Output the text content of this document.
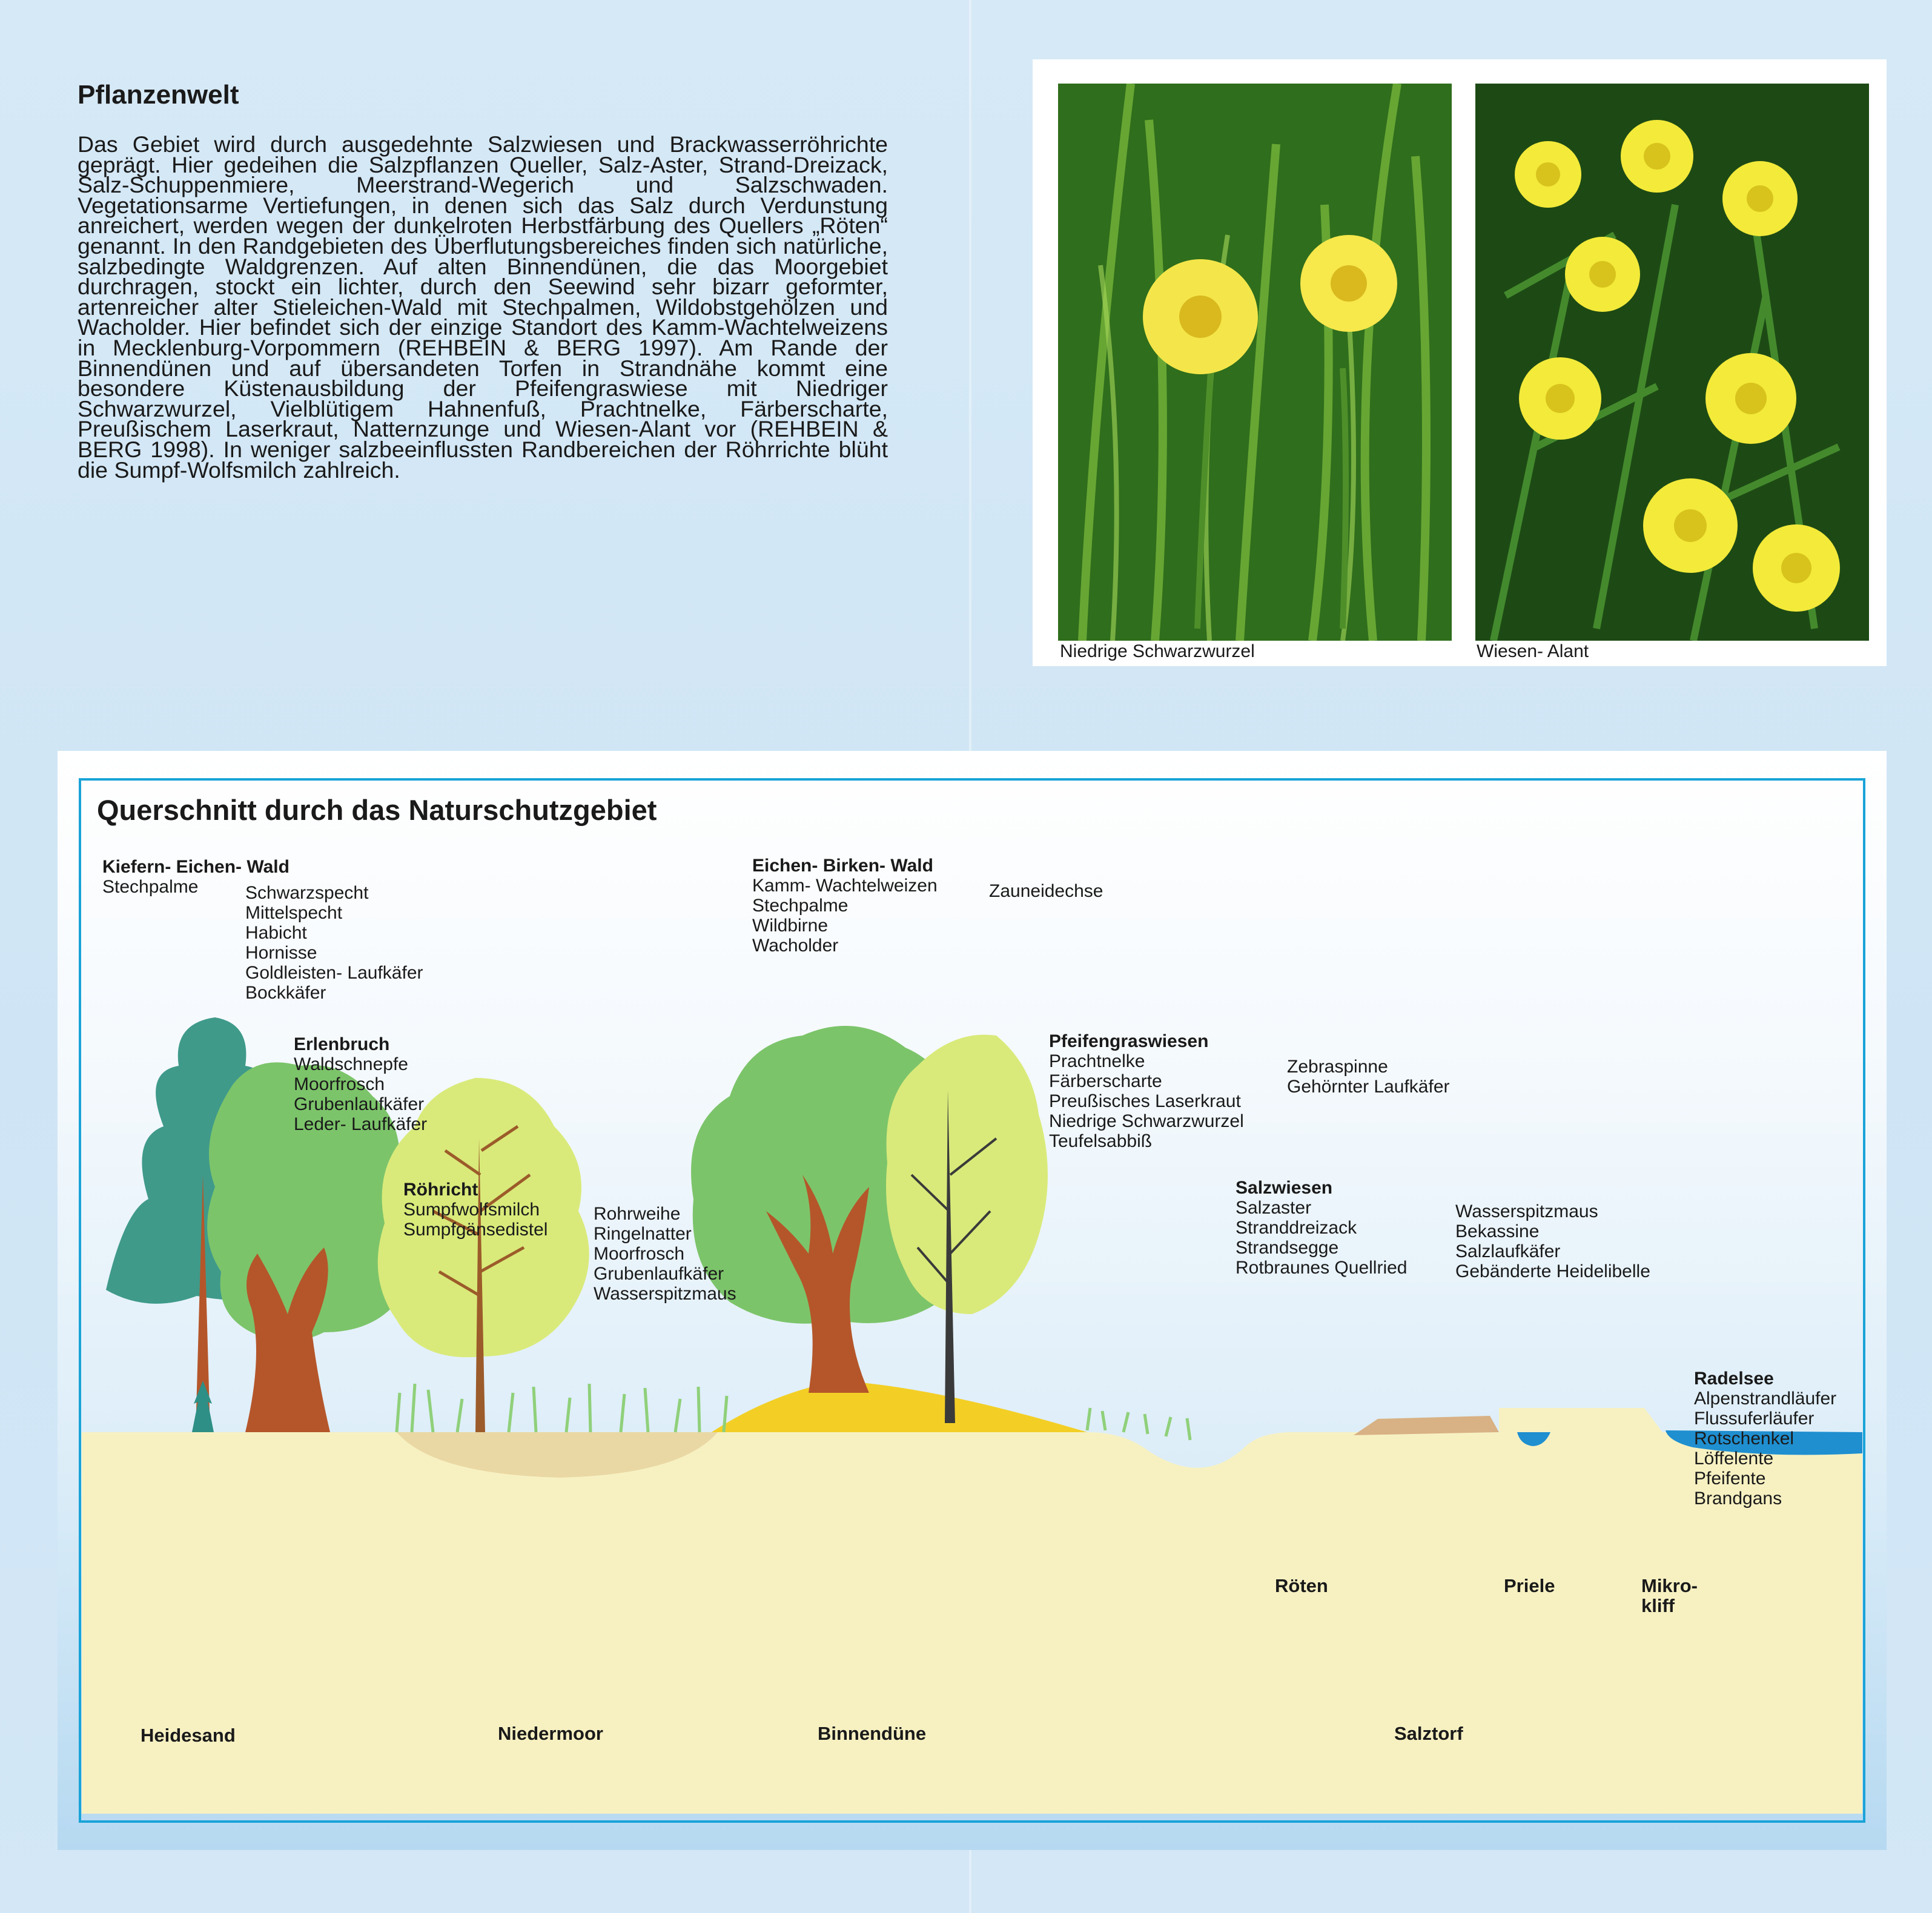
Pflanzenwelt

Das Gebiet wird durch ausgedehnte Salzwiesen und Brackwasserröhrichte geprägt. Hier gedeihen die Salzpflanzen Queller, Salz-Aster, Strand-Dreizack, Salz-Schuppenmiere, Meerstrand-Wegerich und Salzschwaden. Vegetationsarme Vertiefungen, in denen sich das Salz durch Verdunstung anreichert, werden wegen der dunkelroten Herbstfärbung des Quellers „Röten“ genannt. In den Randgebieten des Überflutungsbereiches finden sich natürliche, salzbedingte Waldgrenzen. Auf alten Binnendünen, die das Moorgebiet durchragen, stockt ein lichter, durch den Seewind sehr bizarr geformter, artenreicher alter Stieleichen-Wald mit Stechpalmen, Wildobstgehölzen und Wacholder. Hier befindet sich der einzige Standort des Kamm-Wachtelweizens in Mecklenburg-Vorpommern (REHBEIN & BERG 1997). Am Rande der Binnendünen und auf übersandeten Torfen in Strandnähe kommt eine besondere Küstenausbildung der Pfeifengraswiese mit Niedriger Schwarzwurzel, Vielblütigem Hahnenfuß, Prachtnelke, Färberscharte, Preußischem Laserkraut, Natternzunge und Wiesen-Alant vor (REHBEIN & BERG 1998). In weniger salzbeeinflussten Randbereichen der Röhrrichte blüht die Sumpf-Wolfsmilch zahlreich.

Niedrige Schwarzwurzel	Wiesen- Alant
Querschnitt durch das Naturschutzgebiet
Kiefern- Eichen- Wald
Stechpalme	Schwarzspecht
Mittelspecht
Habicht
Hornisse
Goldleisten- Laufkäfer
Bockkäfer
Erlenbruch
Waldschnepfe
Moorfrosch
Grubenlaufkäfer
Leder- Laufkäfer
Röhricht
Sumpfwolfsmilch
Sumpfgänsedistel
Rohrweihe
Ringelnatter
Moorfrosch
Grubenlaufkäfer
Wasserspitzmaus
Eichen- Birken- Wald
Kamm- Wachtelweizen
Stechpalme
Wildbirne
Wacholder
Zauneidechse
Pfeifengraswiesen
Prachtnelke
Färberscharte
Preußisches Laserkraut
Niedrige Schwarzwurzel
Teufelsabbiß
Zebraspinne
Gehörnter Laufkäfer
Salzwiesen
Salzaster
Stranddreizack
Strandsegge
Rotbraunes Quellried
Wasserspitzmaus
Bekassine
Salzlaufkäfer
Gebänderte Heidelibelle
Radelsee
Alpenstrandläufer
Flussuferläufer
Rotschenkel
Löffelente
Pfeifente
Brandgans
Röten	Priele	Mikro-
kliff
Heidesand	Niedermoor	Binnendüne	Salztorf
